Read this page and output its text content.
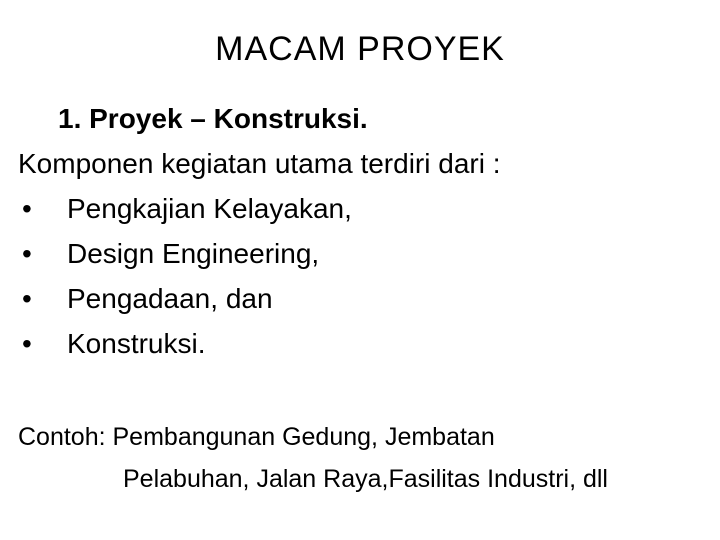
MACAM PROYEK
1. Proyek – Konstruksi.
Komponen kegiatan utama terdiri dari :
• Pengkajian Kelayakan,
• Design Engineering,
• Pengadaan, dan
• Konstruksi.
Contoh: Pembangunan Gedung, Jembatan
Pelabuhan, Jalan Raya,Fasilitas Industri, dll
